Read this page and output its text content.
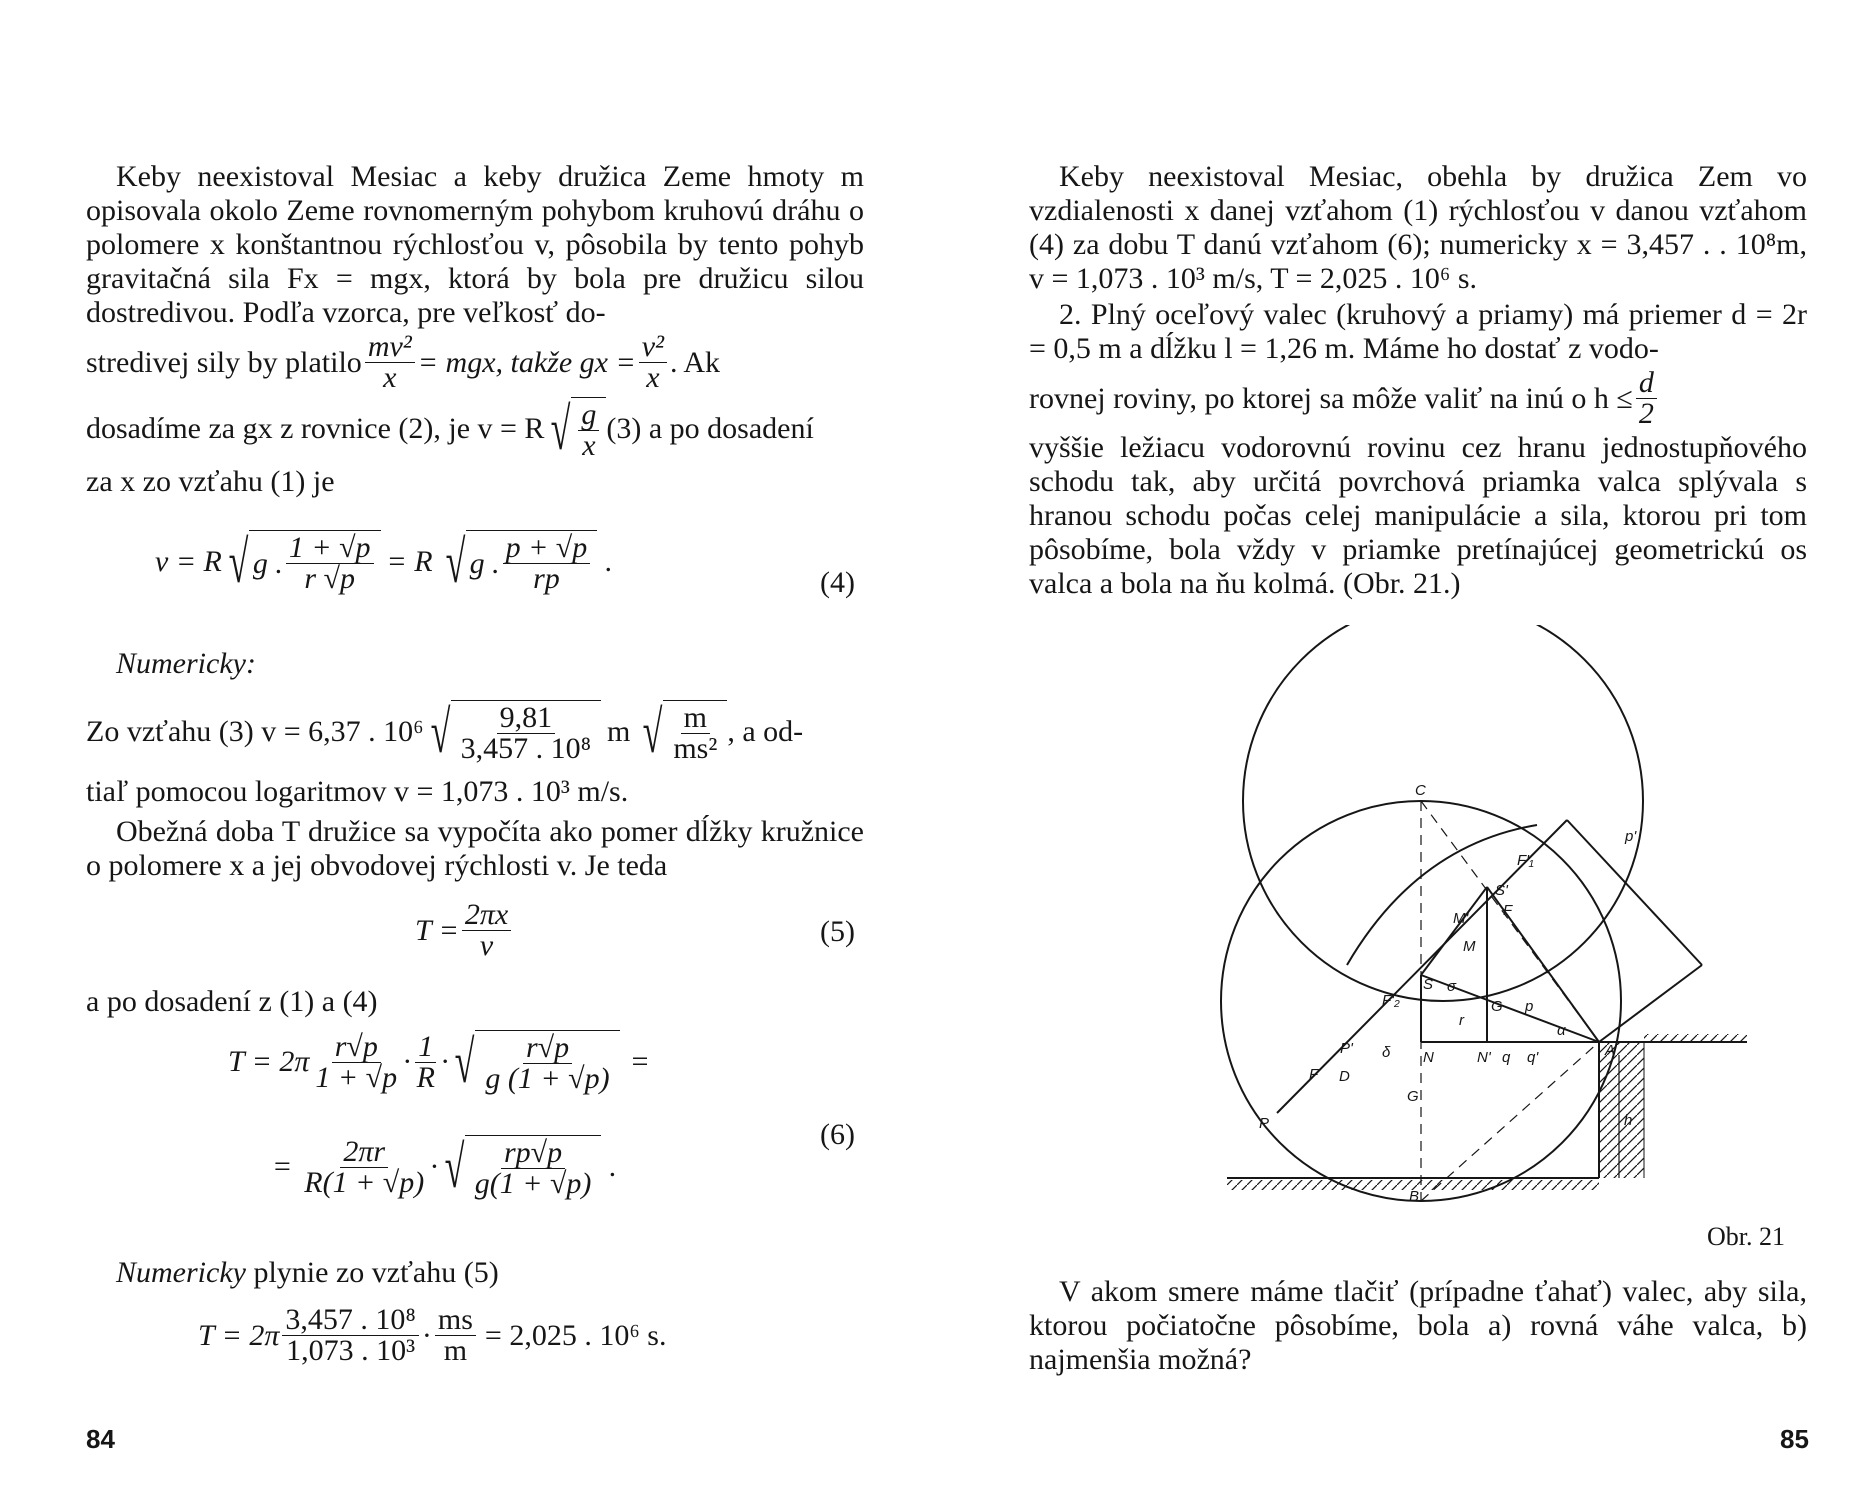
Keby neexistoval Mesiac a keby družica Zeme hmoty m opisovala okolo Zeme rovnomerným pohybom kruhovú dráhu o polomere x konštantnou rýchlosťou v, pôsobila by tento pohyb gravitačná sila Fx = mgx, ktorá by bola pre družicu silou dostredivou. Podľa vzorca, pre veľkosť do-

stredivej sily by platilo $\frac{\text{mv²}}{x}$ = mgx, takže gx = $\frac{\text{v²}}{x}$ . Ak
dosadíme za gx z rovnice (2), je v = R √ $\frac{g}{x} (3)$ a po dosadení

za x zo vzťahu (1) je

v = R √ g . 1 + √p
r √p
= R √ g . p + √p
rp
.
(4)

Numericky:

Zo vzťahu (3) v = 6,37 . 10⁶ √ $\frac{9,81}{\text{3,457 . 10⁸}}$ m √ $\frac{m}{\text{ms²}}$ , a od-

tiaľ pomocou logaritmov v = 1,073 . 10³ m/s.

Obežná doba T družice sa vypočíta ako pomer dĺžky kružnice o polomere x a jej obvodovej rýchlosti v. Je teda

$T = \frac{2\pi x}{v}$	(5)

a po dosadení z (1) a (4)

T = 2π r√p
1 + √p · 1
R · √ $\frac{r√p}{g (1 + √p)}$ =
= $\frac{2\pi r}{R(1 + √p)}$ · √ $\frac{rp√p}{g(1 + √p)}$ .
(6)

Numericky plynie zo vzťahu (5)

T = 2π 3,457 . 10⁸
1,073 . $10^3 \cdot \frac{ms}{m} = 2,025$ . 10⁶ s.
84

Keby neexistoval Mesiac, obehla by družica Zem vo vzdialenosti x danej vzťahom (1) rýchlosťou v danou vzťahom (4) za dobu T danú vzťahom (6); numericky x = 3,457 . . 10⁸m, v = 1,073 . 10³ m/s, T = 2,025 . 10⁶ s.

2. Plný oceľový valec (kruhový a priamy) má priemer d = 2r = 0,5 m a dĺžku l = 1,26 m. Máme ho dostať z vodo-

rovnej roviny, po ktorej sa môže valiť na inú o $h \le \frac{d}{2}$

vyššie ležiacu vodorovnú rovinu cez hranu jednostupňového schodu tak, aby určitá povrchová priamka valca splývala s hranou schodu počas celej manipulácie a sila, ktorou pri tom pôsobíme, bola vždy v priamke pretínajúcej geometrickú os valca a bola na ňu kolmá. (Obr. 21.)

C
F'₁
S'
F
M'
M
σ
G p
α
S
r
F'₂
P' δ N	N' q'
q	A
F D
G
P
B
h
p'
Obr. 21

V akom smere máme tlačiť (prípadne ťahať) valec, aby sila, ktorou počiatočne pôsobíme, bola a) rovná váhe valca, b) najmenšia možná?

85
